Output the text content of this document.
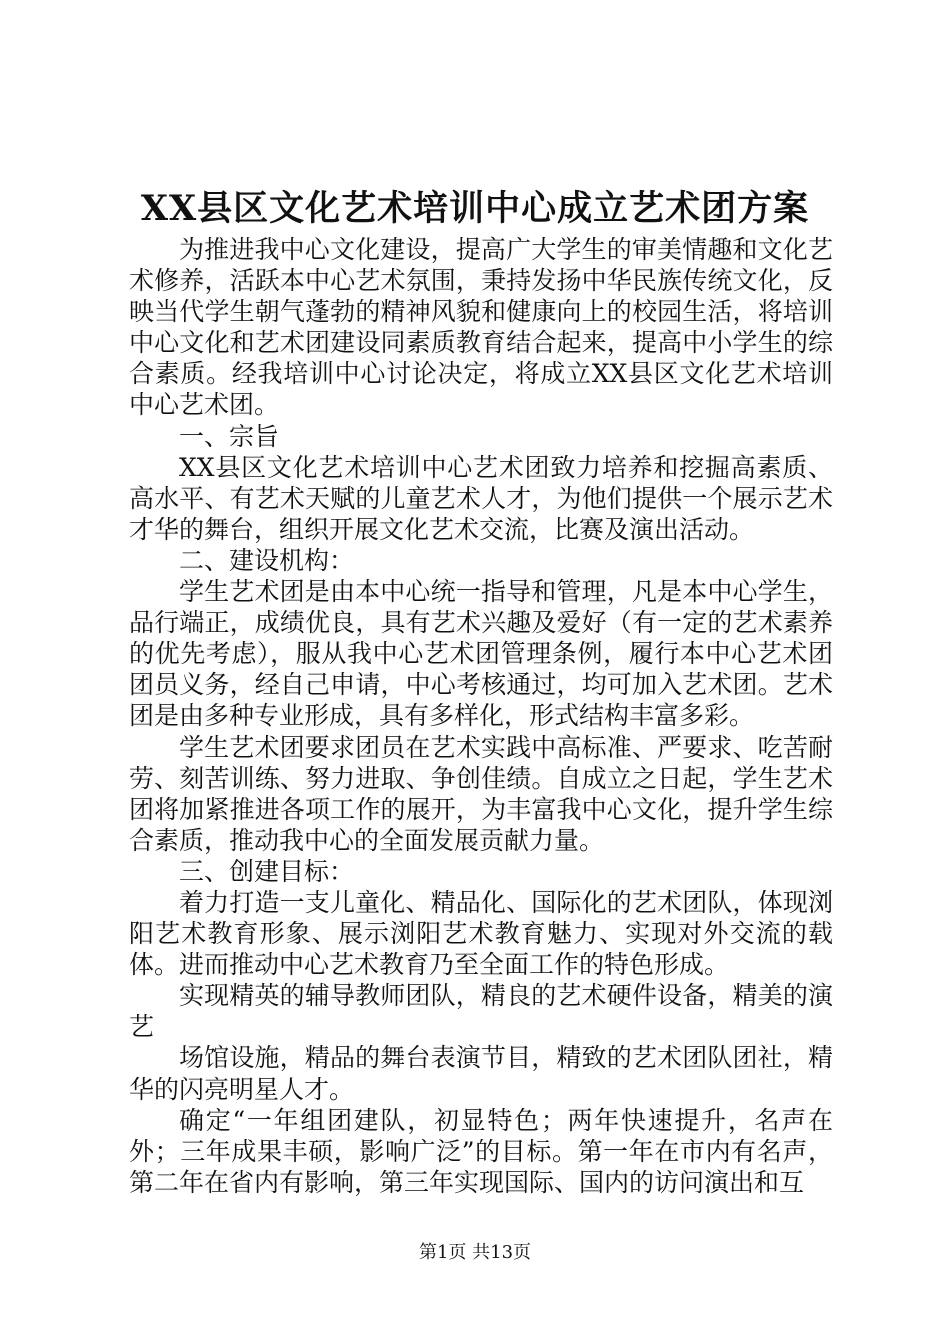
XX县区文化艺术培训中心成立艺术团方案

为推进我中心文化建设，提高广大学生的审美情趣和文化艺术修养，活跃本中心艺术氛围，秉持发扬中华民族传统文化，反映当代学生朝气蓬勃的精神风貌和健康向上的校园生活，将培训中心文化和艺术团建设同素质教育结合起来，提高中小学生的综合素质。经我培训中心讨论决定，将成立XX县区文化艺术培训中心艺术团。

一、宗旨

XX县区文化艺术培训中心艺术团致力培养和挖掘高素质、高水平、有艺术天赋的儿童艺术人才，为他们提供一个展示艺术才华的舞台，组织开展文化艺术交流，比赛及演出活动。

二、建设机构：

学生艺术团是由本中心统一指导和管理，凡是本中心学生，品行端正，成绩优良，具有艺术兴趣及爱好（有一定的艺术素养的优先考虑），服从我中心艺术团管理条例，履行本中心艺术团团员义务，经自己申请，中心考核通过，均可加入艺术团。艺术团是由多种专业形成，具有多样化，形式结构丰富多彩。

学生艺术团要求团员在艺术实践中高标准、严要求、吃苦耐劳、刻苦训练、努力进取、争创佳绩。自成立之日起，学生艺术团将加紧推进各项工作的展开，为丰富我中心文化，提升学生综合素质，推动我中心的全面发展贡献力量。

三、创建目标：

着力打造一支儿童化、精品化、国际化的艺术团队，体现浏阳艺术教育形象、展示浏阳艺术教育魅力、实现对外交流的载体。进而推动中心艺术教育乃至全面工作的特色形成。

实现精英的辅导教师团队，精良的艺术硬件设备，精美的演艺

场馆设施，精品的舞台表演节目，精致的艺术团队团社，精华的闪亮明星人才。

确定“一年组团建队，初显特色；两年快速提升，名声在外；三年成果丰硕，影响广泛”的目标。第一年在市内有名声，第二年在省内有影响，第三年实现国际、国内的访问演出和互

第1页 共13页
